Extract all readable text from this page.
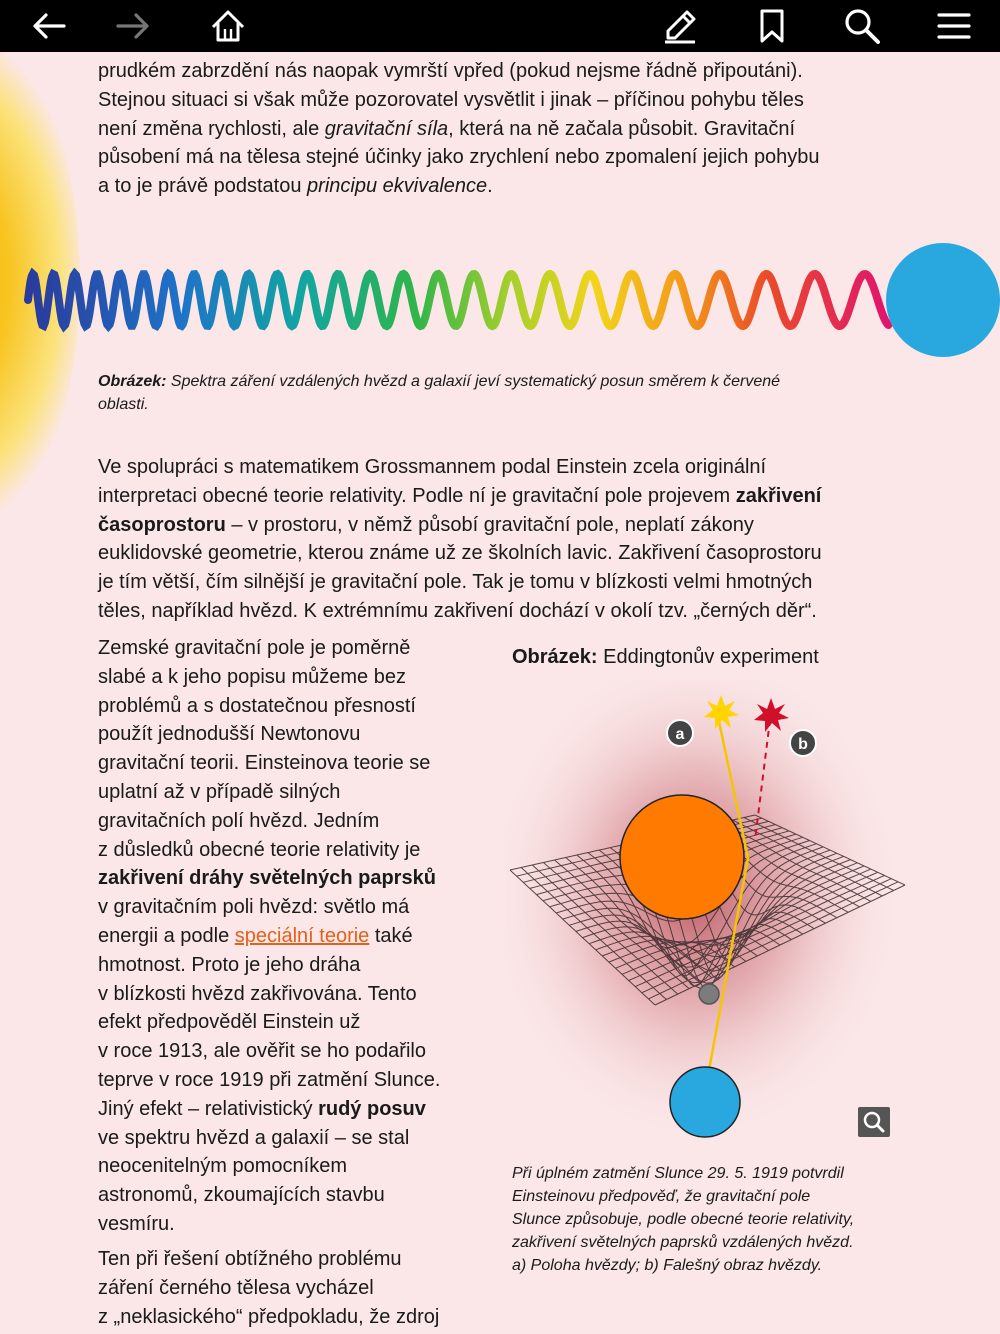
prudkém zabrzdění nás naopak vymrští vpřed (pokud nejsme řádně připoutáni).
Stejnou situaci si však může pozorovatel vysvětlit i jinak – příčinou pohybu těles
není změna rychlosti, ale gravitační síla, která na ně začala působit. Gravitační
působení má na tělesa stejné účinky jako zrychlení nebo zpomalení jejich pohybu
a to je právě podstatou principu ekvivalence.
Obrázek: Spektra záření vzdálených hvězd a galaxií jeví systematický posun směrem k červené
oblasti.
Ve spolupráci s matematikem Grossmannem podal Einstein zcela originální
interpretaci obecné teorie relativity. Podle ní je gravitační pole projevem zakřivení
časoprostoru – v prostoru, v němž působí gravitační pole, neplatí zákony
euklidovské geometrie, kterou známe už ze školních lavic. Zakřivení časoprostoru
je tím větší, čím silnější je gravitační pole. Tak je tomu v blízkosti velmi hmotných
těles, například hvězd. K extrémnímu zakřivení dochází v okolí tzv. „černých děr“.
Zemské gravitační pole je poměrně
slabé a k jeho popisu můžeme bez
problémů a s dostatečnou přesností
použít jednodušší Newtonovu
gravitační teorii. Einsteinova teorie se
uplatní až v případě silných
gravitačních polí hvězd. Jedním
z důsledků obecné teorie relativity je
zakřivení dráhy světelných paprsků
v gravitačním poli hvězd: světlo má
energii a podle speciální teorie také
hmotnost. Proto je jeho dráha
v blízkosti hvězd zakřivována. Tento
efekt předpověděl Einstein už
v roce 1913, ale ověřit se ho podařilo
teprve v roce 1919 při zatmění Slunce.
Jiný efekt – relativistický rudý posuv
ve spektru hvězd a galaxií – se stal
neocenitelným pomocníkem
astronomů, zkoumajících stavbu
vesmíru.
Ten při řešení obtížného problému
záření černého tělesa vycházel
z „neklasického“ předpokladu, že zdroj
Obrázek: Eddingtonův experiment
a
b
Při úplném zatmění Slunce 29. 5. 1919 potvrdil
Einsteinovu předpověď, že gravitační pole
Slunce způsobuje, podle obecné teorie relativity,
zakřivení světelných paprsků vzdálených hvězd.
a) Poloha hvězdy; b) Falešný obraz hvězdy.
